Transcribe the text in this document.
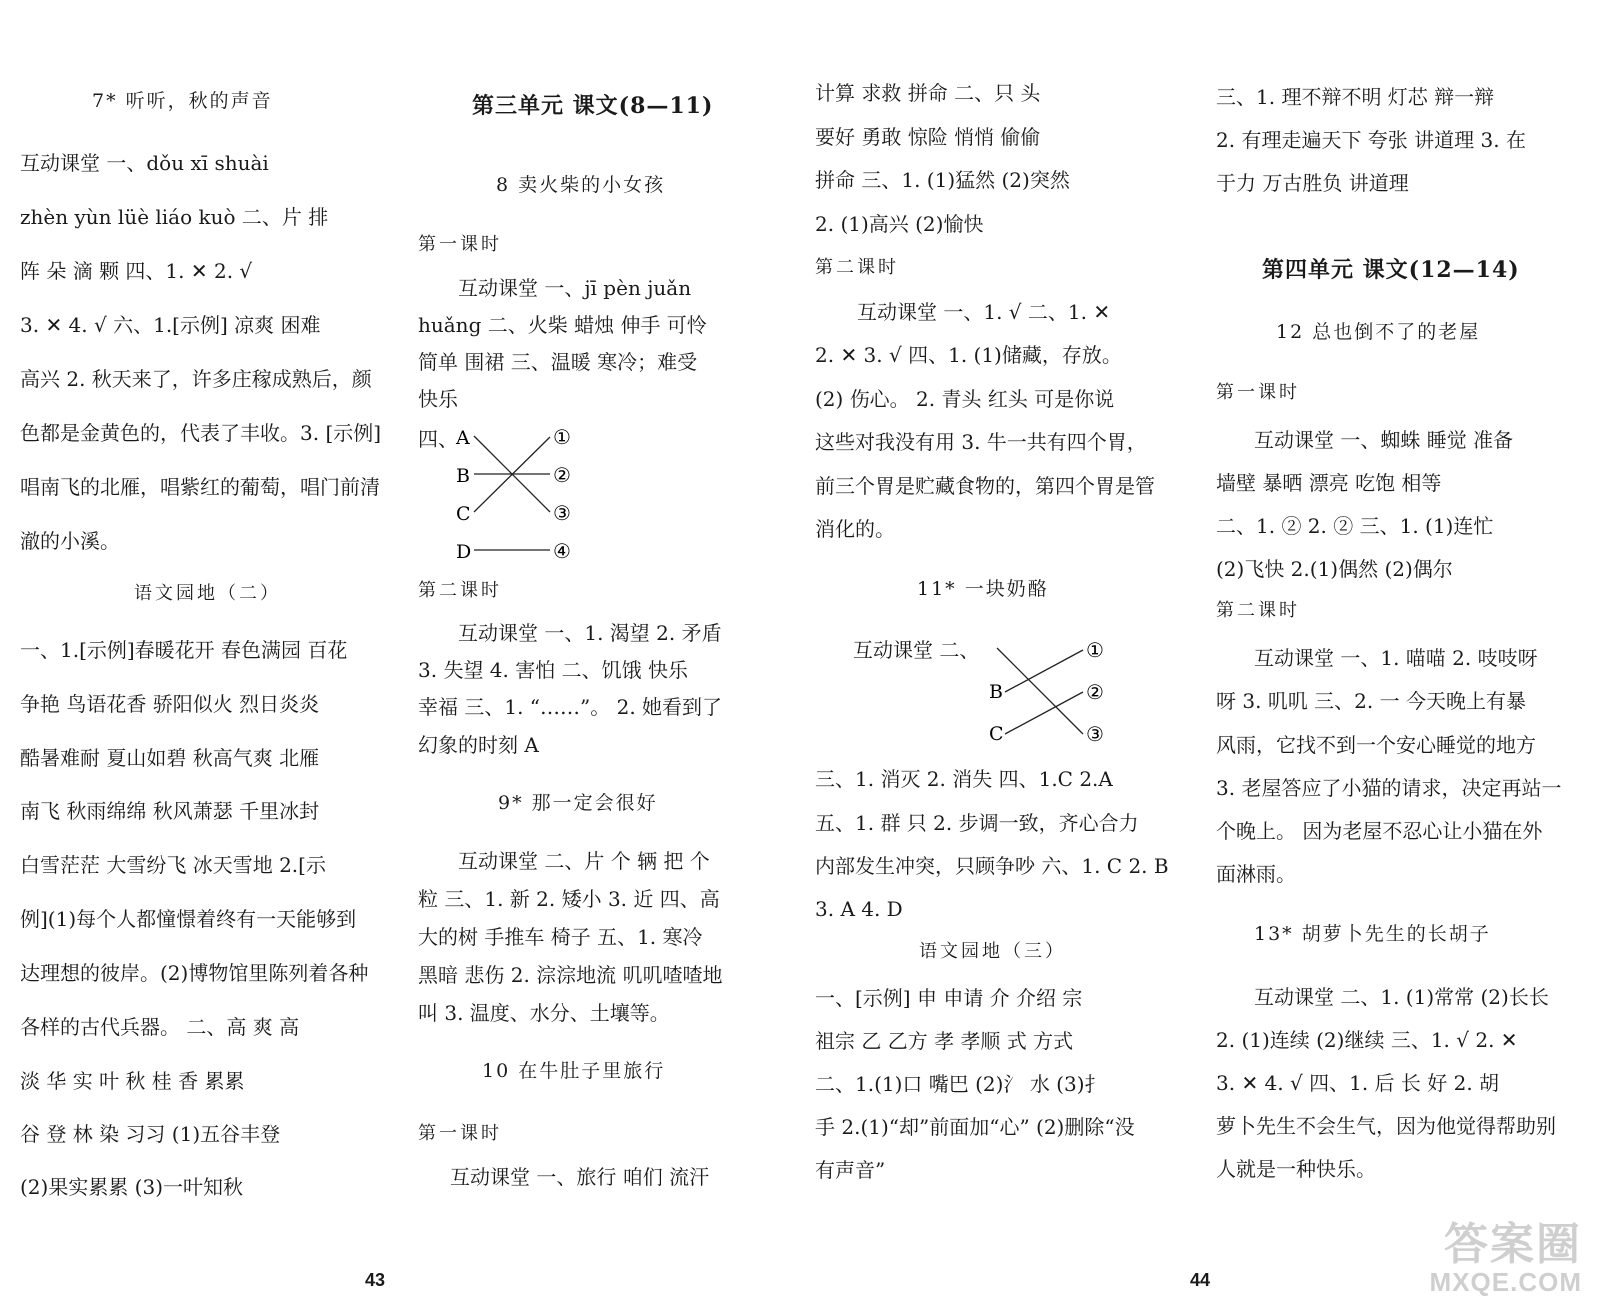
7* 听听，秋的声音
互动课堂 一、dǒu xī shuài
zhèn yùn lüè liáo kuò 二、片 排
阵 朵 滴 颗 四、1. ✕ 2. √
3. ✕ 4. √ 六、1.[示例] 凉爽 困难
高兴 2. 秋天来了，许多庄稼成熟后，颜
色都是金黄色的，代表了丰收。3. [示例]
唱南飞的北雁，唱紫红的葡萄，唱门前清
澈的小溪。
语文园地（二）
一、1.[示例]春暖花开 春色满园 百花
争艳 鸟语花香 骄阳似火 烈日炎炎
酷暑难耐 夏山如碧 秋高气爽 北雁
南飞 秋雨绵绵 秋风萧瑟 千里冰封
白雪茫茫 大雪纷飞 冰天雪地 2.[示
例](1)每个人都憧憬着终有一天能够到
达理想的彼岸。(2)博物馆里陈列着各种
各样的古代兵器。 二、高 爽 高
淡 华 实 叶 秋 桂 香 累累
谷 登 林 染 习习 (1)五谷丰登
(2)果实累累 (3)一叶知秋
第三单元 课文(8—11)
8 卖火柴的小女孩
第一课时
互动课堂 一、jī pèn juǎn
huǎng 二、火柴 蜡烛 伸手 可怜
简单 围裙 三、温暖 寒冷；难受
快乐
四、
A
B
C
D
①
②
③
④
第二课时
互动课堂 一、1. 渴望 2. 矛盾
3. 失望 4. 害怕 二、饥饿 快乐
幸福 三、1. “……”。 2. 她看到了
幻象的时刻 A
9* 那一定会很好
互动课堂 二、片 个 辆 把 个
粒 三、1. 新 2. 矮小 3. 近 四、高
大的树 手推车 椅子 五、1. 寒冷
黑暗 悲伤 2. 淙淙地流 叽叽喳喳地
叫 3. 温度、水分、土壤等。
10 在牛肚子里旅行
第一课时
互动课堂 一、旅行 咱们 流汗
43
计算 求救 拼命 二、只 头
要好 勇敢 惊险 悄悄 偷偷
拼命 三、1. (1)猛然 (2)突然
2. (1)高兴 (2)愉快
第二课时
互动课堂 一、1. √ 二、1. ✕
2. ✕ 3. √ 四、1. (1)储藏，存放。
(2) 伤心。 2. 青头 红头 可是你说
这些对我没有用 3. 牛一共有四个胃，
前三个胃是贮藏食物的，第四个胃是管
消化的。
11* 一块奶酪
互动课堂 二、
B
C
①
②
③
三、1. 消灭 2. 消失 四、1.C 2.A
五、1. 群 只 2. 步调一致，齐心合力
内部发生冲突，只顾争吵 六、1. C 2. B
3. A 4. D
语文园地（三）
一、[示例] 申 申请 介 介绍 宗
祖宗 乙 乙方 孝 孝顺 式 方式
二、1.(1)口 嘴巴 (2)氵 水 (3)扌
手 2.(1)“却”前面加“心” (2)删除“没
有声音”
三、1. 理不辩不明 灯芯 辩一辩
2. 有理走遍天下 夸张 讲道理 3. 在
于力 万古胜负 讲道理
第四单元 课文(12—14)
12 总也倒不了的老屋
第一课时
互动课堂 一、蜘蛛 睡觉 准备
墙壁 暴晒 漂亮 吃饱 相等
二、1. ② 2. ② 三、1. (1)连忙
(2)飞快 2.(1)偶然 (2)偶尔
第二课时
互动课堂 一、1. 喵喵 2. 吱吱呀
呀 3. 叽叽 三、2. 一 今天晚上有暴
风雨，它找不到一个安心睡觉的地方
3. 老屋答应了小猫的请求，决定再站一
个晚上。 因为老屋不忍心让小猫在外
面淋雨。
13* 胡萝卜先生的长胡子
互动课堂 二、1. (1)常常 (2)长长
2. (1)连续 (2)继续 三、1. √ 2. ✕
3. ✕ 4. √ 四、1. 后 长 好 2. 胡
萝卜先生不会生气，因为他觉得帮助别
人就是一种快乐。
44
答案圈
MXQE.COM
